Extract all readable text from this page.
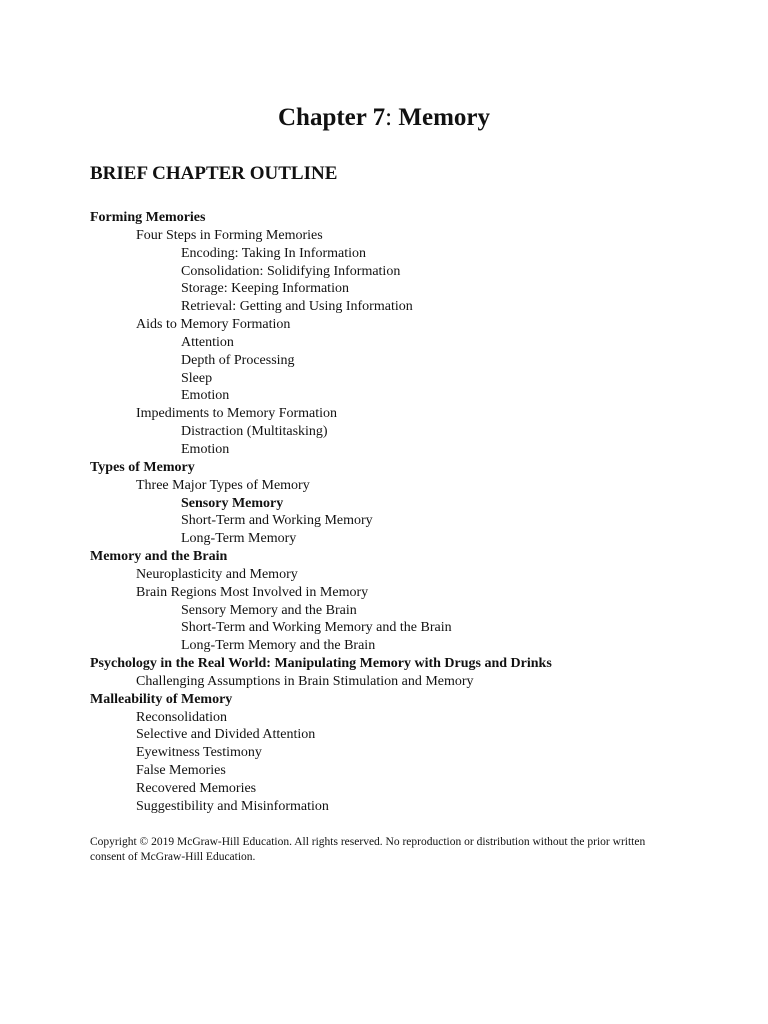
Chapter 7: Memory
BRIEF CHAPTER OUTLINE
Forming Memories
Four Steps in Forming Memories
Encoding: Taking In Information
Consolidation: Solidifying Information
Storage: Keeping Information
Retrieval: Getting and Using Information
Aids to Memory Formation
Attention
Depth of Processing
Sleep
Emotion
Impediments to Memory Formation
Distraction (Multitasking)
Emotion
Types of Memory
Three Major Types of Memory
Sensory Memory
Short-Term and Working Memory
Long-Term Memory
Memory and the Brain
Neuroplasticity and Memory
Brain Regions Most Involved in Memory
Sensory Memory and the Brain
Short-Term and Working Memory and the Brain
Long-Term Memory and the Brain
Psychology in the Real World: Manipulating Memory with Drugs and Drinks
Challenging Assumptions in Brain Stimulation and Memory
Malleability of Memory
Reconsolidation
Selective and Divided Attention
Eyewitness Testimony
False Memories
Recovered Memories
Suggestibility and Misinformation

Copyright © 2019 McGraw-Hill Education. All rights reserved. No reproduction or distribution without the prior written consent of McGraw-Hill Education.
